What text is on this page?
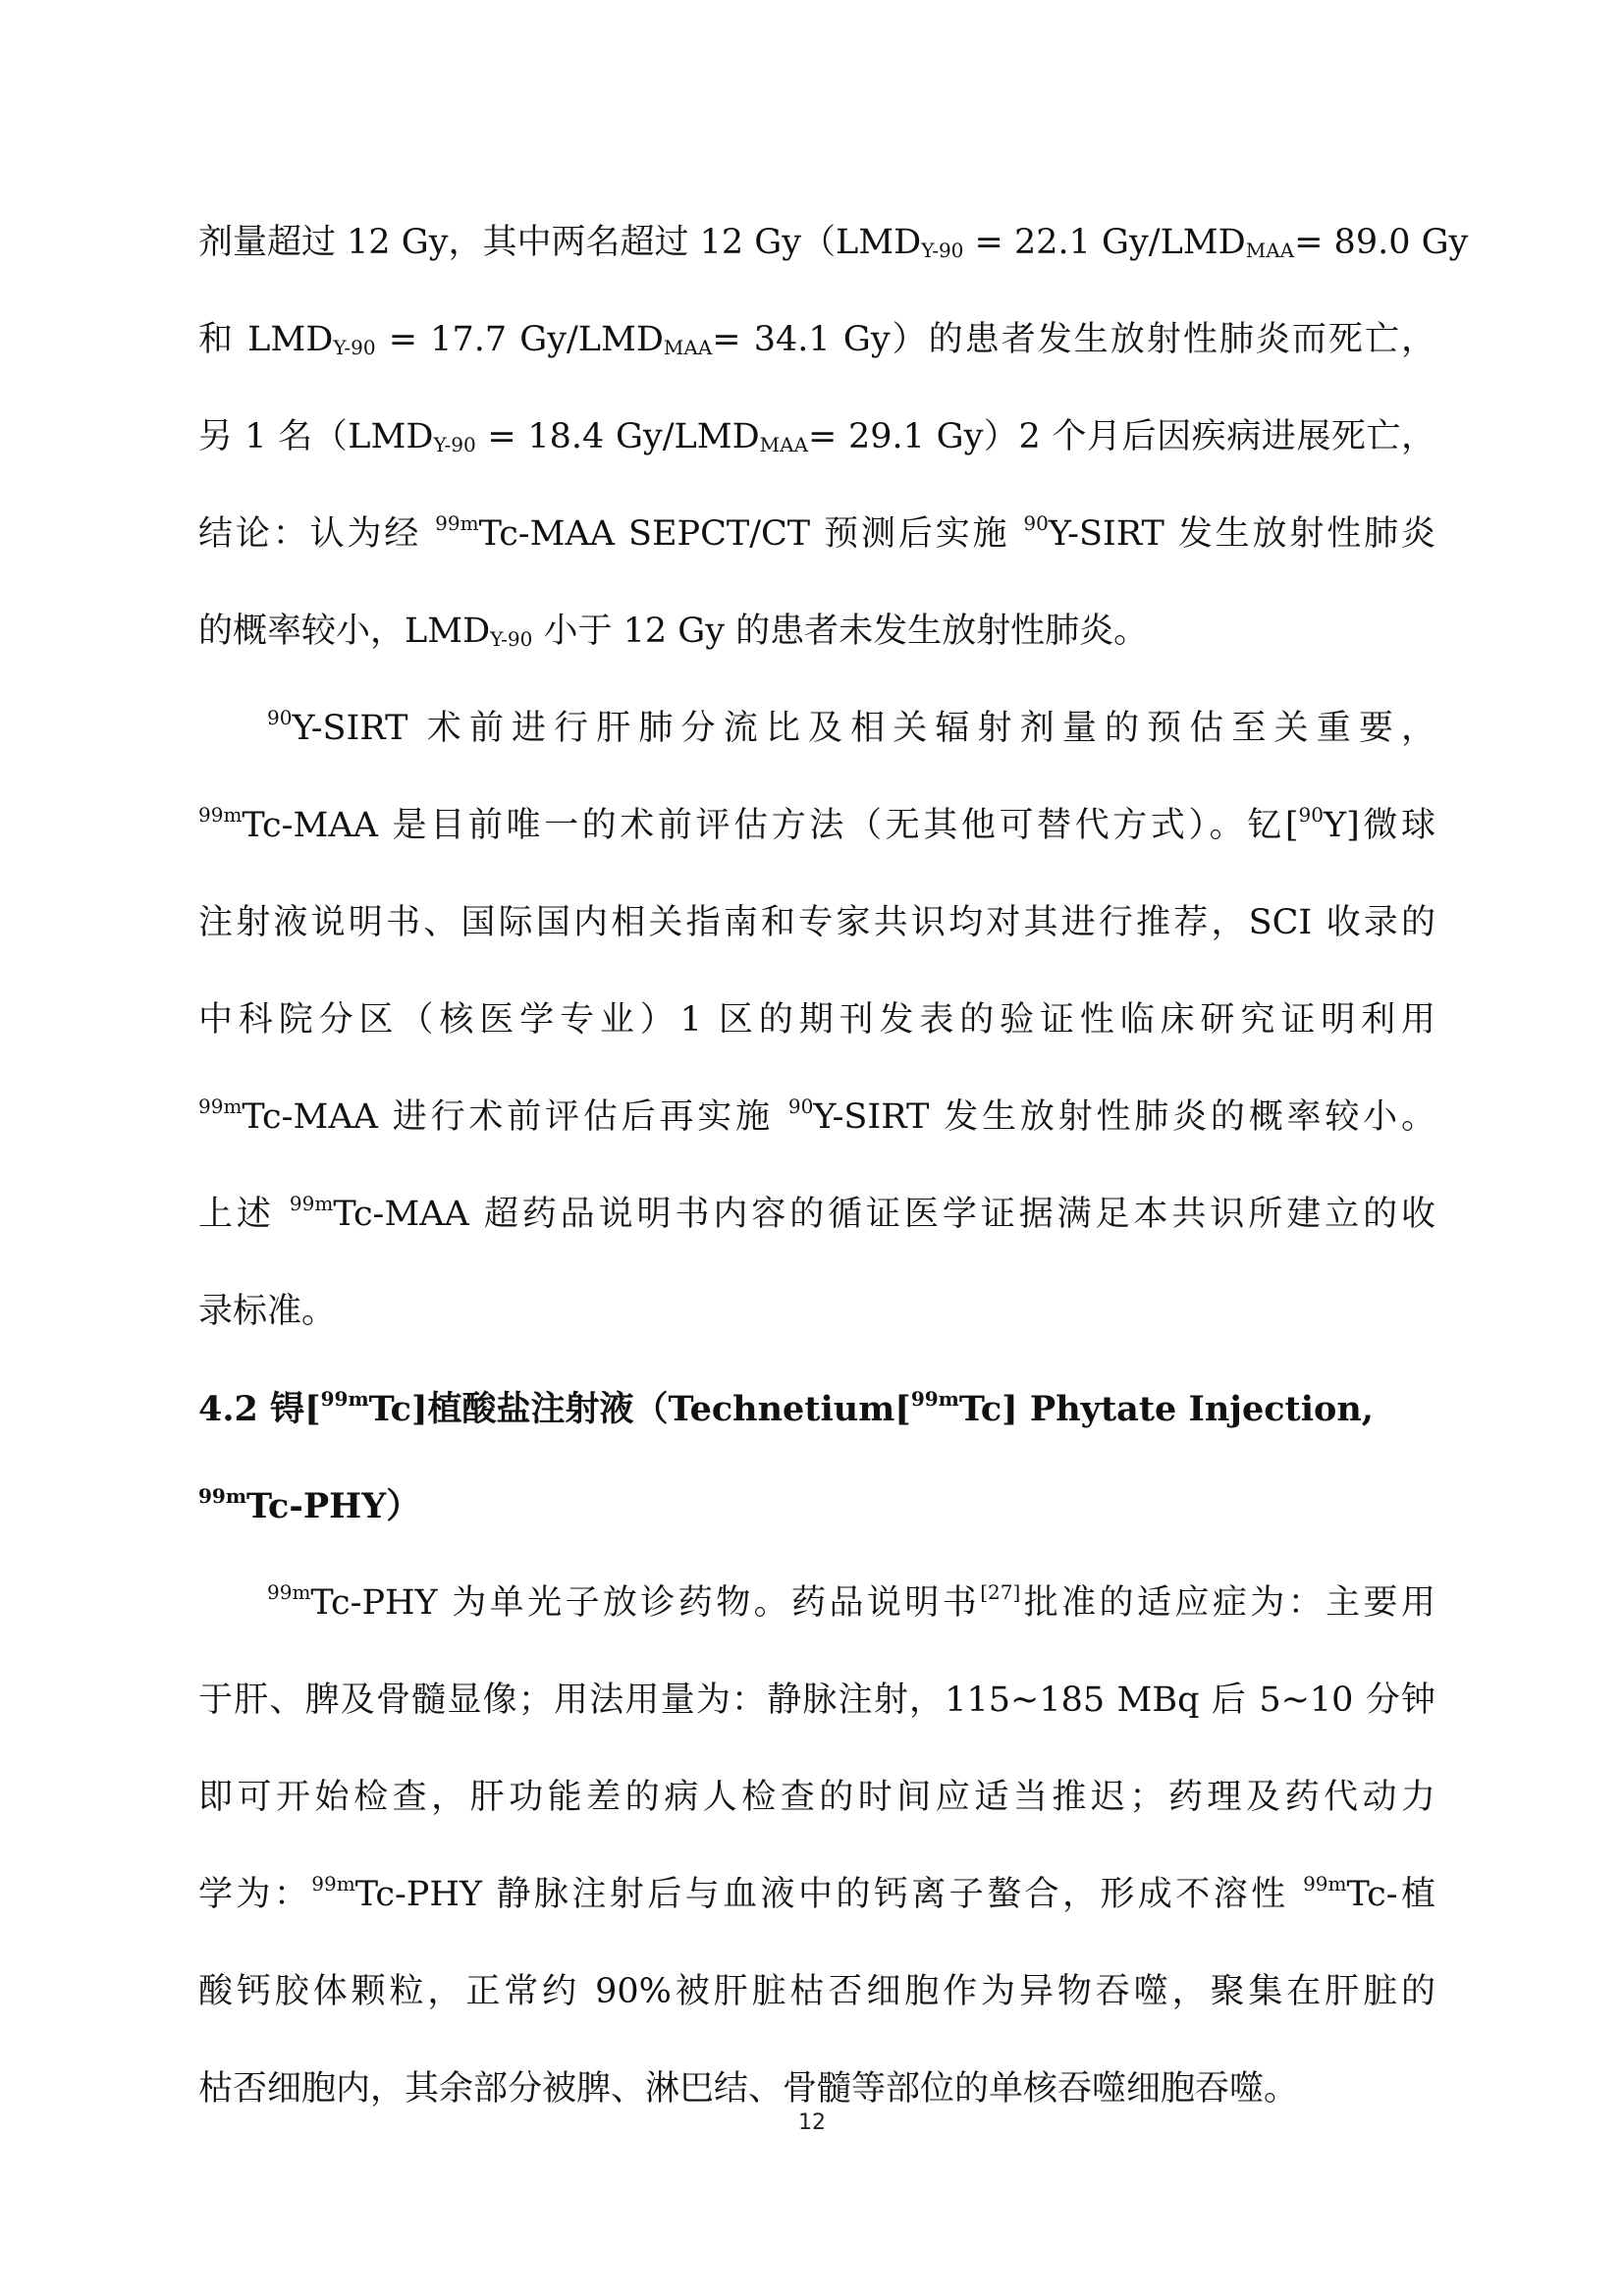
剂量超过 12 Gy，其中两名超过 12 $Gy(LMD_{Y-90} = 22.1$ $Gy/LMD_{MAA}= 89.0$ Gy
和 $LMD_{Y-90} = 17.7$ $Gy/LMD_{MAA}= 34.1$ Gy）的患者发生放射性肺炎而死亡，
另 1 名（$LMD_{Y-90} = 18.4$ $Gy/LMD_{MAA}= 29.1$ Gy）2 个月后因疾病进展死亡，
结论：认为经 $^{99m}$Tc-MAA SEPCT/CT 预测后实施 $^{90}$Y-SIRT 发生放射性肺炎
的概率较小，$LMD_{Y-90}$ 小于 12 Gy 的患者未发生放射性肺炎。
$^{90}$Y-SIRT 术前进行肝肺分流比及相关辐射剂量的预估至关重要，
$^{99m}$Tc-MAA 是目前唯一的术前评估方法（无其他可替代方式）。钇[$^{90}$Y]微球
注射液说明书、国际国内相关指南和专家共识均对其进行推荐，SCI 收录的
中科院分区（核医学专业）1 区的期刊发表的验证性临床研究证明利用
$^{99m}$Tc-MAA 进行术前评估后再实施 $^{90}$Y-SIRT 发生放射性肺炎的概率较小。
上述 $^{99m}$Tc-MAA 超药品说明书内容的循证医学证据满足本共识所建立的收
录标准。
4.2 锝[$^{99m}$Tc]植酸盐注射液（Technetium[$^{99m}$Tc] Phytate Injection,
$^{99m}$Tc-PHY）
$^{99m}$Tc-PHY 为单光子放诊药物。药品说明书[27]批准的适应症为：主要用
于肝、脾及骨髓显像；用法用量为：静脉注射，115~185 MBq 后 5~10 分钟
即可开始检查，肝功能差的病人检查的时间应适当推迟；药理及药代动力
学为：$^{99m}$Tc-PHY 静脉注射后与血液中的钙离子螯合，形成不溶性 $^{99m}$Tc-植
酸钙胶体颗粒，正常约 90%被肝脏枯否细胞作为异物吞噬，聚集在肝脏的
枯否细胞内，其余部分被脾、淋巴结、骨髓等部位的单核吞噬细胞吞噬。
12
